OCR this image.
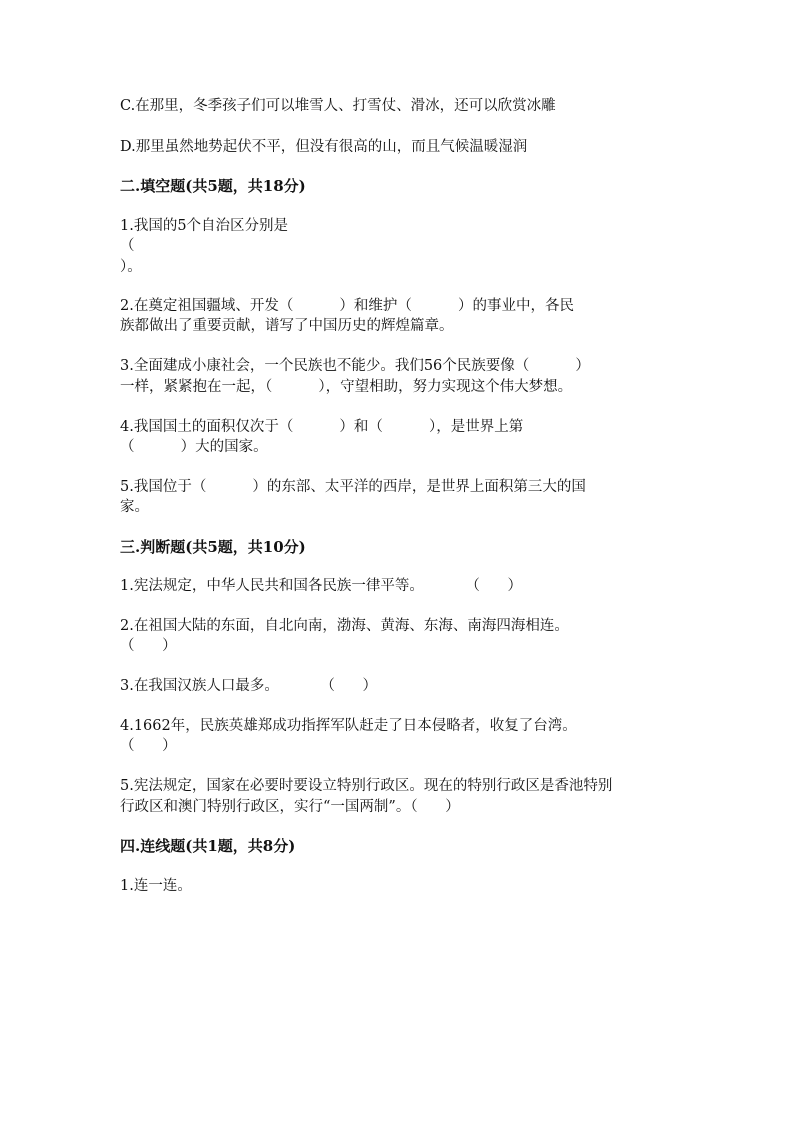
C.在那里，冬季孩子们可以堆雪人、打雪仗、滑冰，还可以欣赏冰雕
D.那里虽然地势起伏不平，但没有很高的山，而且气候温暖湿润
二.填空题(共5题，共18分)
1.我国的5个自治区分别是
（
）。
2.在奠定祖国疆域、开发（          ）和维护（          ）的事业中，各民
族都做出了重要贡献，谱写了中国历史的辉煌篇章。
3.全面建成小康社会，一个民族也不能少。我们56个民族要像（          ）
一样，紧紧抱在一起，（          ），守望相助，努力实现这个伟大梦想。
4.我国国土的面积仅次于（          ）和（          ），是世界上第
（          ）大的国家。
5.我国位于（          ）的东部、太平洋的西岸，是世界上面积第三大的国
家。
三.判断题(共5题，共10分)
1.宪法规定，中华人民共和国各民族一律平等。         （      ）
2.在祖国大陆的东面，自北向南，渤海、黄海、东海、南海四海相连。
（      ）
3.在我国汉族人口最多。         （      ）
4.1662年，民族英雄郑成功指挥军队赶走了日本侵略者，收复了台湾。
（      ）
5.宪法规定，国家在必要时要设立特别行政区。现在的特别行政区是香池特别
行政区和澳门特别行政区，实行“一国两制”。（      ）
四.连线题(共1题，共8分)
1.连一连。
